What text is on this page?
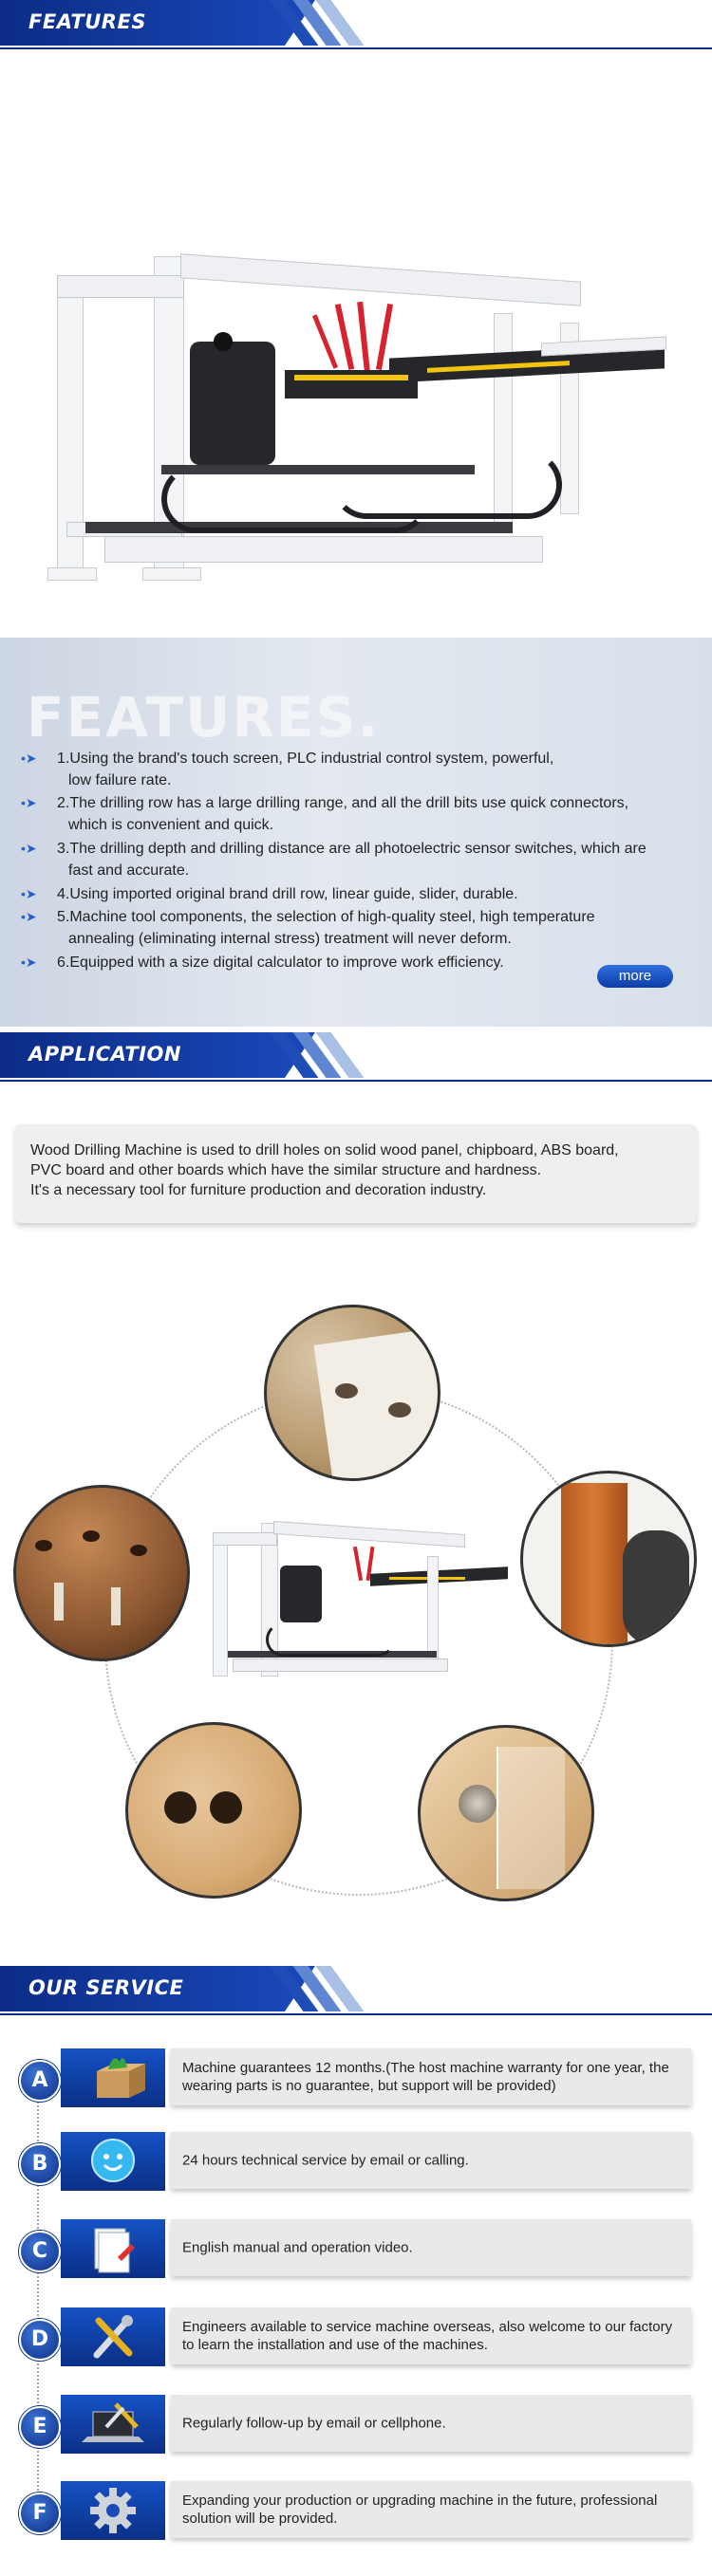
FEATURES
FEATURES.
•➤ 1.Using the brand's touch screen, PLC industrial control system, powerful,
low failure rate.
•➤ 2.The drilling row has a large drilling range, and all the drill bits use quick connectors,
which is convenient and quick.
•➤ 3.The drilling depth and drilling distance are all photoelectric sensor switches, which are
fast and accurate.
•➤ 4.Using imported original brand drill row, linear guide, slider, durable.
•➤ 5.Machine tool components, the selection of high-quality steel, high temperature
annealing (eliminating internal stress) treatment will never deform.
•➤ 6.Equipped with a size digital calculator to improve work efficiency.
more
APPLICATION
Wood Drilling Machine is used to drill holes on solid wood panel, chipboard, ABS board,
PVC board and other boards which have the similar structure and hardness.
It's a necessary tool for furniture production and decoration industry.
OUR SERVICE
A
Machine guarantees 12 months.(The host machine warranty for one year, the wearing parts is no guarantee, but support will be provided)
B	24 hours technical service by email or calling.
C	English manual and operation video.
D
Engineers available to service machine overseas, also welcome to our factory to learn the installation and use of the machines.
E	Regularly follow-up by email or cellphone.
F
Expanding your production or upgrading machine in the future, professional solution will be provided.
